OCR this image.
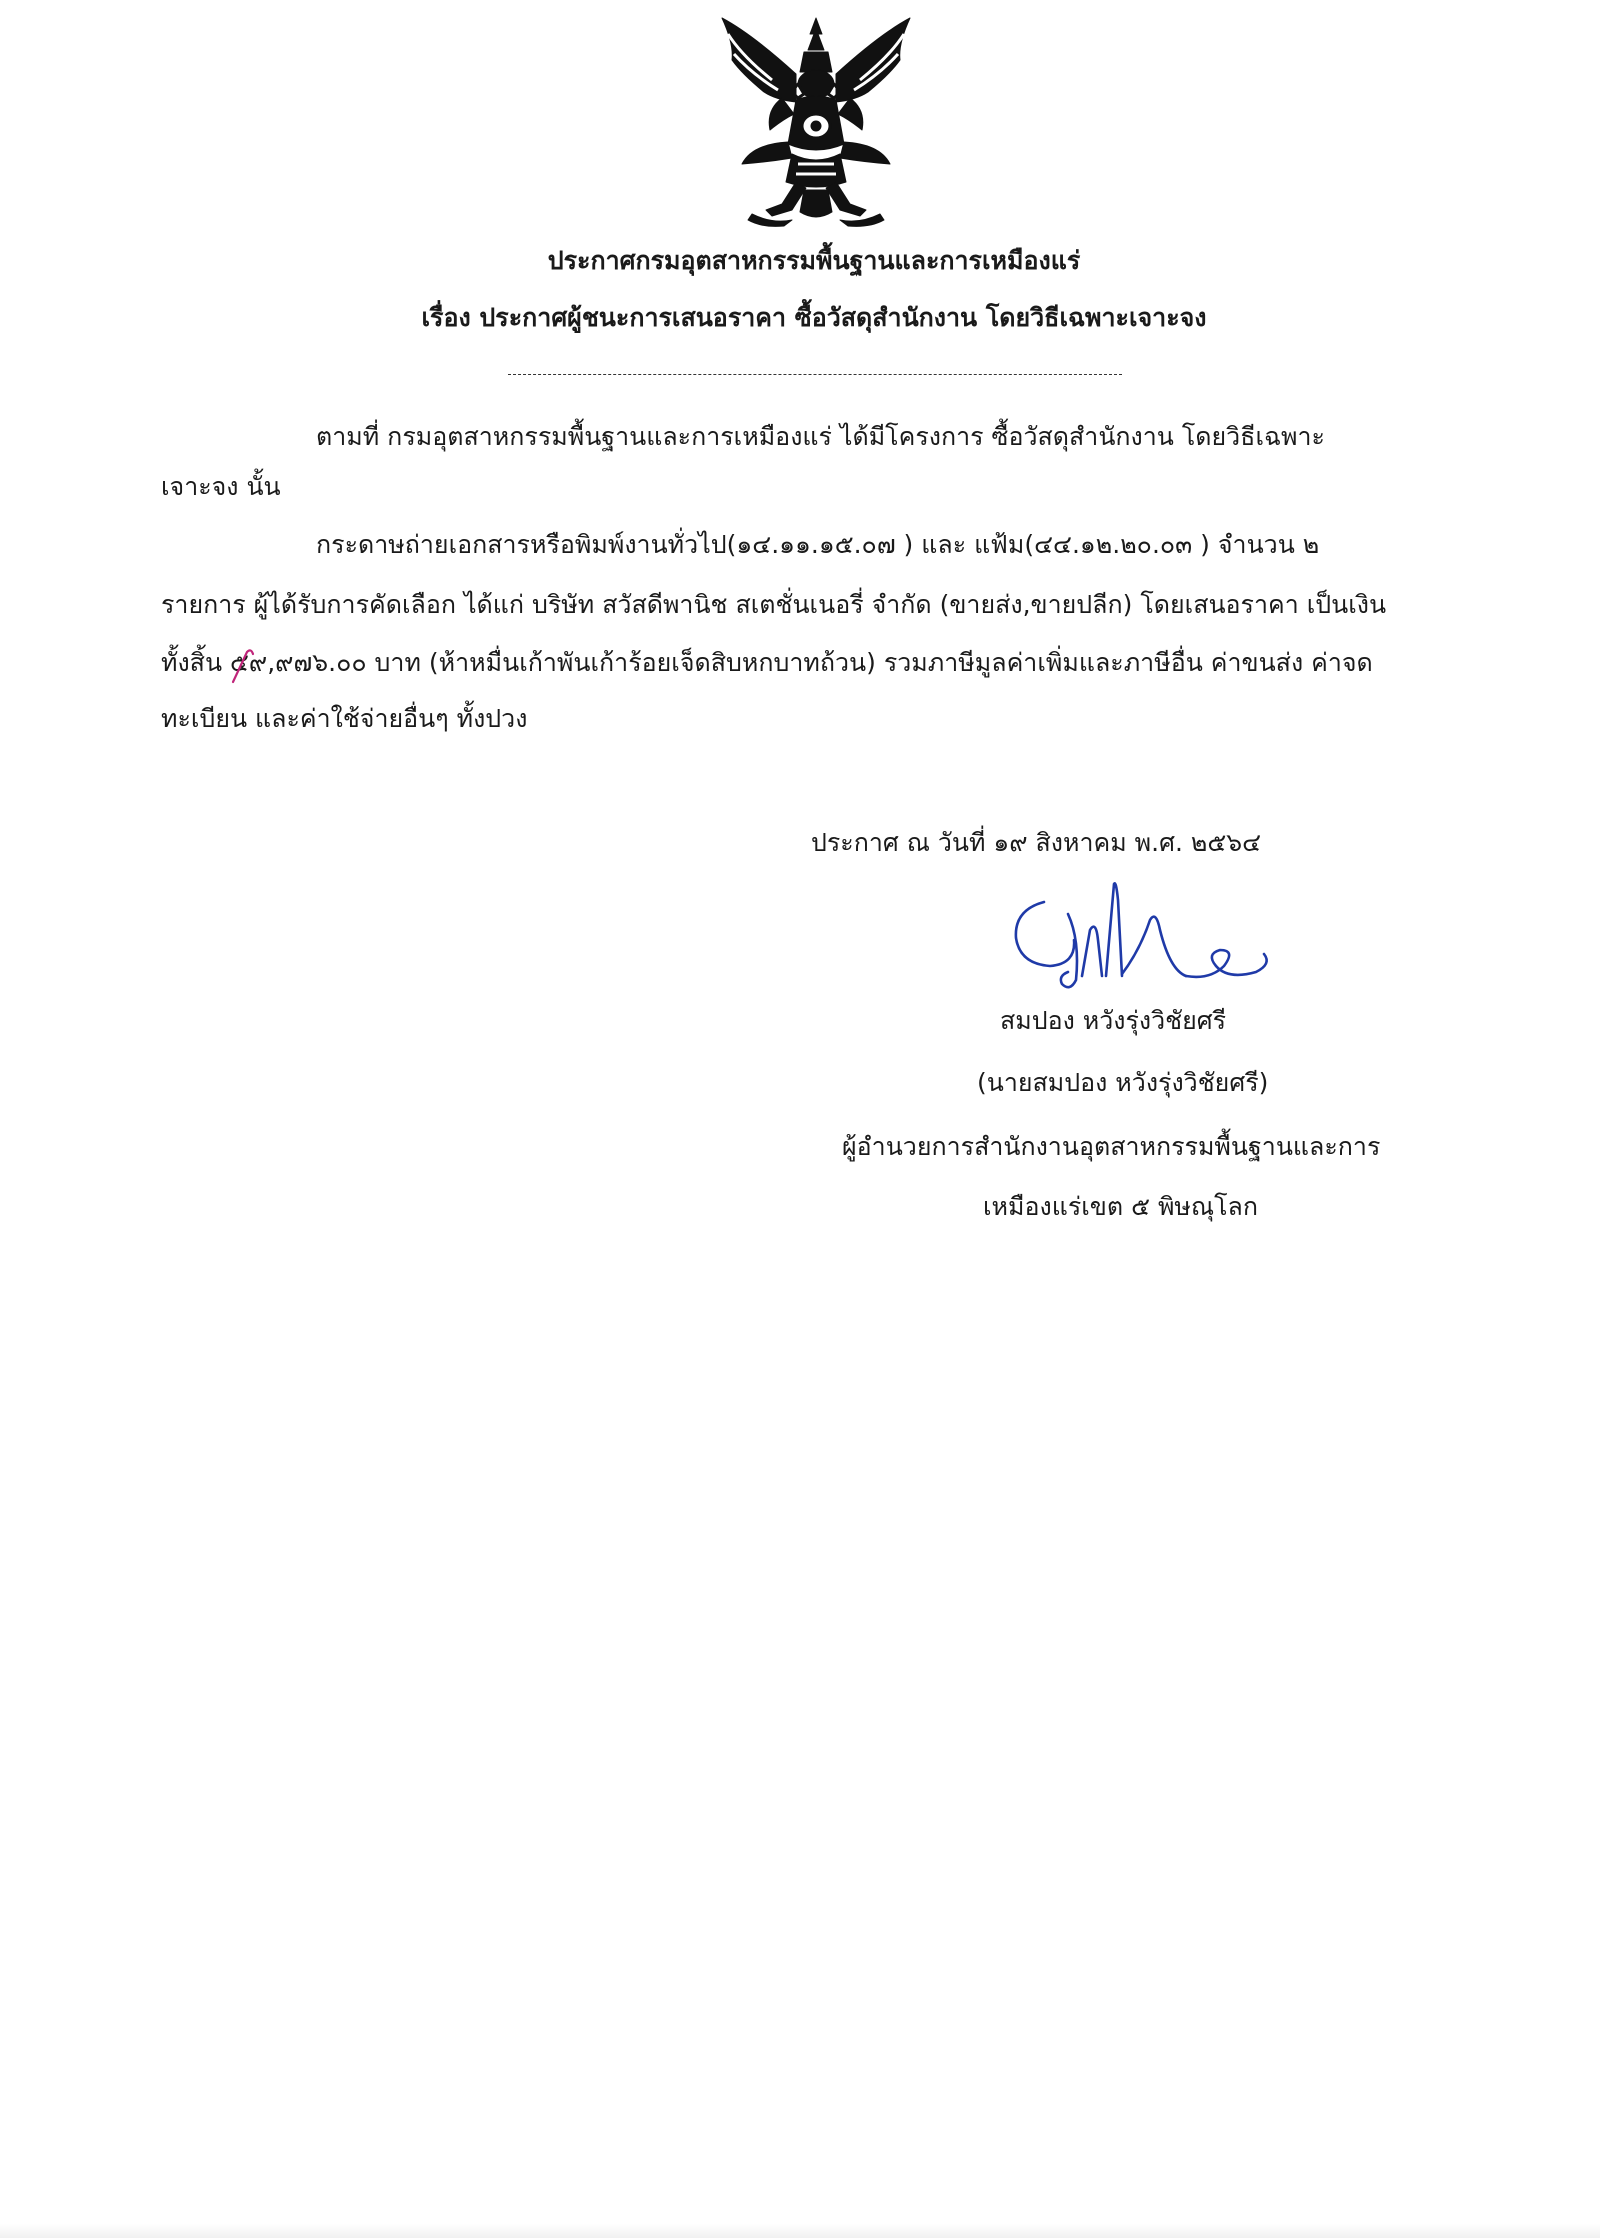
ประกาศกรมอุตสาหกรรมพื้นฐานและการเหมืองแร่
เรื่อง ประกาศผู้ชนะการเสนอราคา ซื้อวัสดุสำนักงาน โดยวิธีเฉพาะเจาะจง
ตามที่ กรมอุตสาหกรรมพื้นฐานและการเหมืองแร่ ได้มีโครงการ ซื้อวัสดุสำนักงาน โดยวิธีเฉพาะ
เจาะจง นั้น
กระดาษถ่ายเอกสารหรือพิมพ์งานทั่วไป(๑๔.๑๑.๑๕.๐๗ ) และ แฟ้ม(๔๔.๑๒.๒๐.๐๓ ) จำนวน ๒
รายการ ผู้ได้รับการคัดเลือก ได้แก่ บริษัท สวัสดีพานิช สเตชั่นเนอรี่ จำกัด (ขายส่ง,ขายปลีก) โดยเสนอราคา เป็นเงิน
ทั้งสิ้น ๕๙,๙๗๖.๐๐ บาท (ห้าหมื่นเก้าพันเก้าร้อยเจ็ดสิบหกบาทถ้วน) รวมภาษีมูลค่าเพิ่มและภาษีอื่น ค่าขนส่ง ค่าจด
ทะเบียน และค่าใช้จ่ายอื่นๆ ทั้งปวง
ประกาศ ณ วันที่ ๑๙ สิงหาคม พ.ศ. ๒๕๖๔
สมปอง หวังรุ่งวิชัยศรี
(นายสมปอง หวังรุ่งวิชัยศรี)
ผู้อำนวยการสำนักงานอุตสาหกรรมพื้นฐานและการ
เหมืองแร่เขต ๕ พิษณุโลก
